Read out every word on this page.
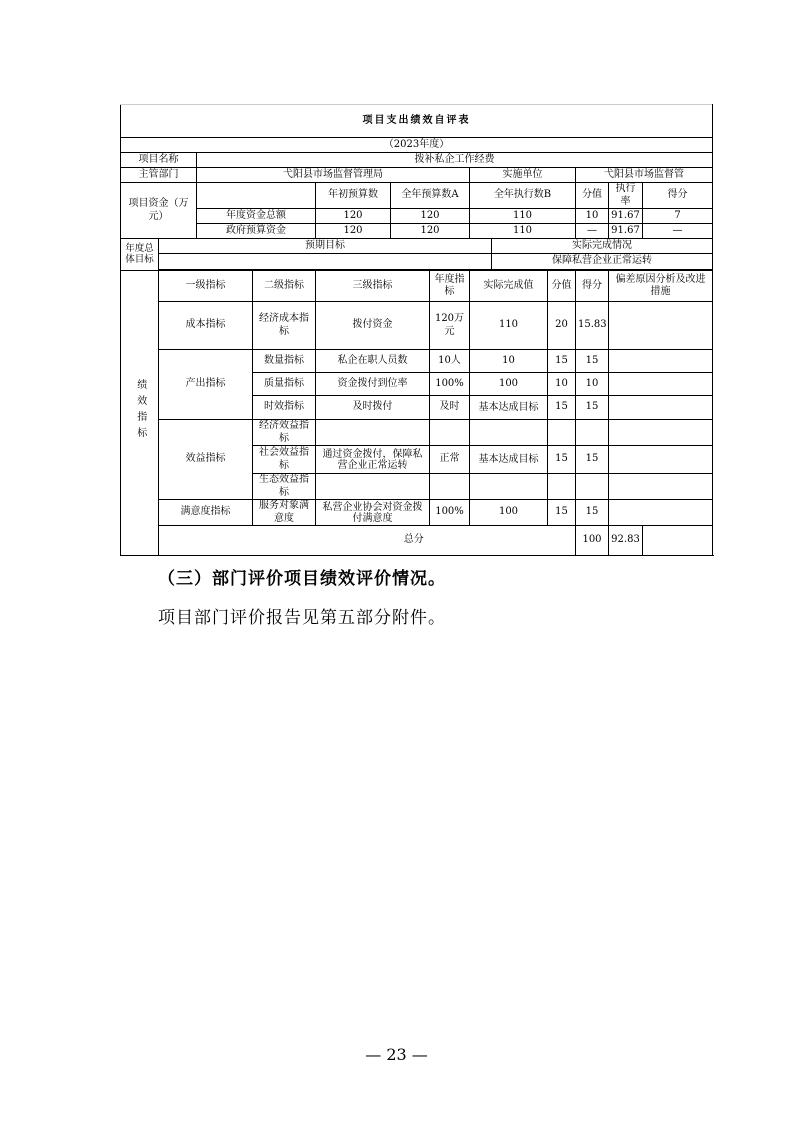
项目支出绩效自评表												
（2023年度）												
项目名称		拨补私企工作经费										
主管部门		弋阳县市场监督管理局					实施单位			弋阳县市场监督管		
项目资金（万元）				年初预算数	全年预算数A		全年执行数B			分值	执行率	得分
		年度资金总额		120	120		110			10	91.67	7
		政府预算资金		120	120		110			—	91.67	—
年度总体目标	预期目标							实际完成情况				
								保障私营企业正常运转				

绩效指标	一级指标		二级指标	三级指标		年度指标	实际完成值		分值	得分	偏差原因分析及改进措施	
	成本指标		经济成本指标	拨付资金		120万元	110		20	15.83		
	产出指标		数量指标	私企在职人员数		10人	10		15	15		
			质量指标	资金拨付到位率		100%	100		10	10		
			时效指标	及时拨付		及时	基本达成目标		15	15		
	效益指标		经济效益指标									
			社会效益指标	通过资金拨付，保障私营企业正常运转		正常	基本达成目标		15	15		
			生态效益指标									
	满意度指标		服务对象满意度	私营企业协会对资金拨付满意度		100%	100		15	15		
			总分							100	92.83	
（三）部门评价项目绩效评价情况。
项目部门评价报告见第五部分附件。
— 23 —
